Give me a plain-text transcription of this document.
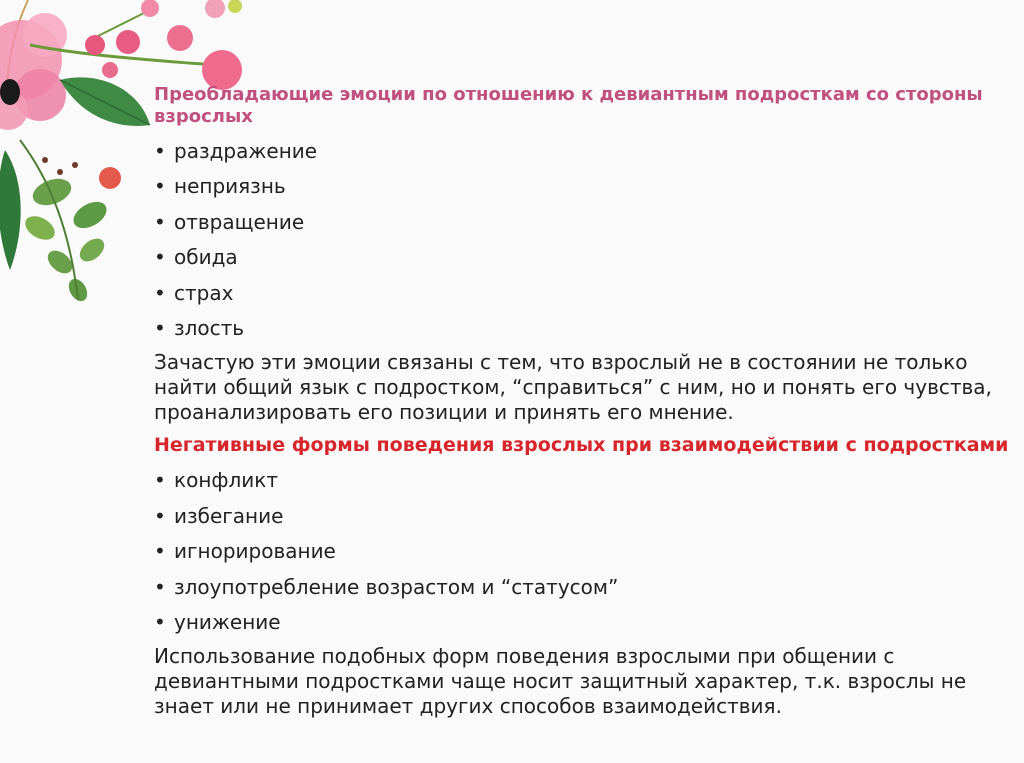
Преобладающие эмоции по отношению к девиантным подросткам со стороны взрослых
• раздражение
• неприязнь
• отвращение
• обида
• страх
• злость

Зачастую эти эмоции связаны с тем, что взрослый не в состоянии не только найти общий язык с подростком, “справиться” с ним, но и понять его чувства, проанализировать его позиции и принять его мнение.

Негативные формы поведения взрослых при взаимодействии с подростками
• конфликт
• избегание
• игнорирование
• злоупотребление возрастом и “статусом”
• унижение

Использование подобных форм поведения взрослыми при общении с девиантными подростками чаще носит защитный характер, т.к. взрослы не знает или не принимает других способов взаимодействия.
